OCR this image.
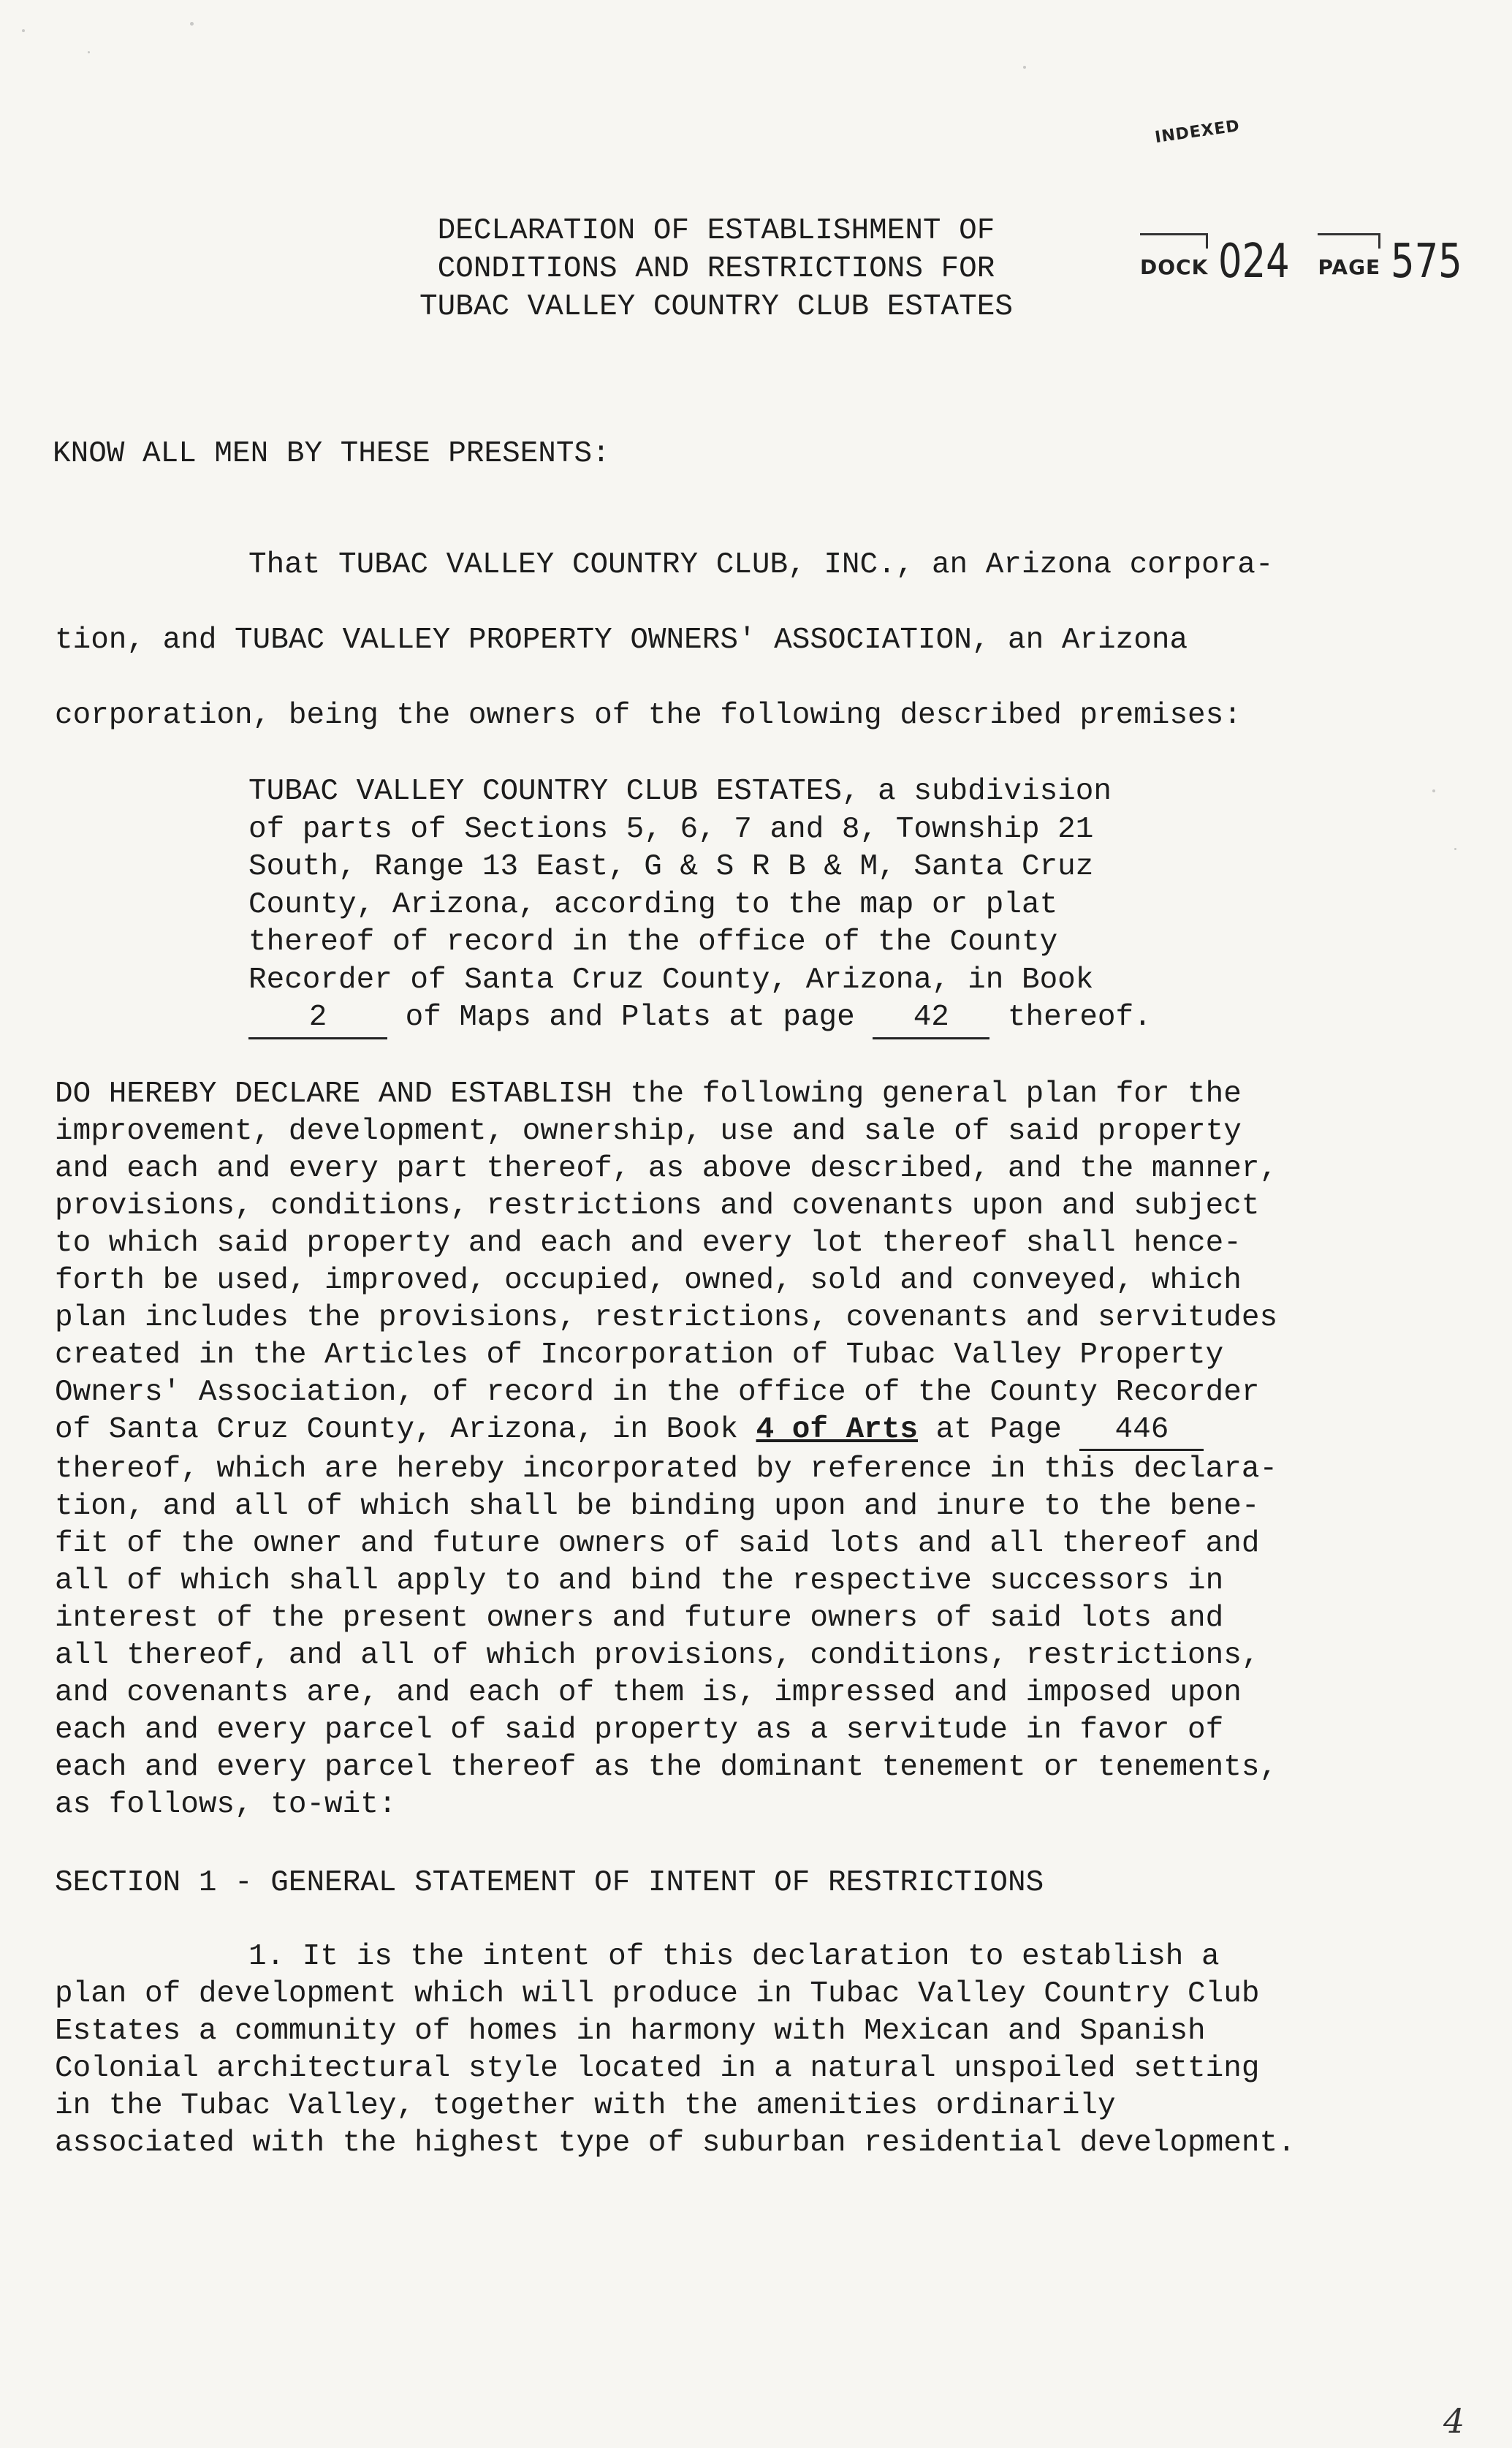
INDEXED
DECLARATION OF ESTABLISHMENT OF
CONDITIONS AND RESTRICTIONS FOR
TUBAC VALLEY COUNTRY CLUB ESTATES
DOCK 024 PAGE 575
KNOW ALL MEN BY THESE PRESENTS:
That TUBAC VALLEY COUNTRY CLUB, INC., an Arizona corpora-
tion, and TUBAC VALLEY PROPERTY OWNERS' ASSOCIATION, an Arizona
corporation, being the owners of the following described premises:
TUBAC VALLEY COUNTRY CLUB ESTATES, a subdivision
of parts of Sections 5, 6, 7 and 8, Township 21
South, Range 13 East, G & S R B & M, Santa Cruz
County, Arizona, according to the map or plat
thereof of record in the office of the County
Recorder of Santa Cruz County, Arizona, in Book
2 of Maps and Plats at page 42 thereof.
DO HEREBY DECLARE AND ESTABLISH the following general plan for the
improvement, development, ownership, use and sale of said property
and each and every part thereof, as above described, and the manner,
provisions, conditions, restrictions and covenants upon and subject
to which said property and each and every lot thereof shall hence-
forth be used, improved, occupied, owned, sold and conveyed, which
plan includes the provisions, restrictions, covenants and servitudes
created in the Articles of Incorporation of Tubac Valley Property
Owners' Association, of record in the office of the County Recorder
of Santa Cruz County, Arizona, in Book 4 of Arts at Page 446
thereof, which are hereby incorporated by reference in this declara-
tion, and all of which shall be binding upon and inure to the bene-
fit of the owner and future owners of said lots and all thereof and
all of which shall apply to and bind the respective successors in
interest of the present owners and future owners of said lots and
all thereof, and all of which provisions, conditions, restrictions,
and covenants are, and each of them is, impressed and imposed upon
each and every parcel of said property as a servitude in favor of
each and every parcel thereof as the dominant tenement or tenements,
as follows, to-wit:
SECTION 1 - GENERAL STATEMENT OF INTENT OF RESTRICTIONS
1. It is the intent of this declaration to establish a
plan of development which will produce in Tubac Valley Country Club
Estates a community of homes in harmony with Mexican and Spanish
Colonial architectural style located in a natural unspoiled setting
in the Tubac Valley, together with the amenities ordinarily
associated with the highest type of suburban residential development.
4
